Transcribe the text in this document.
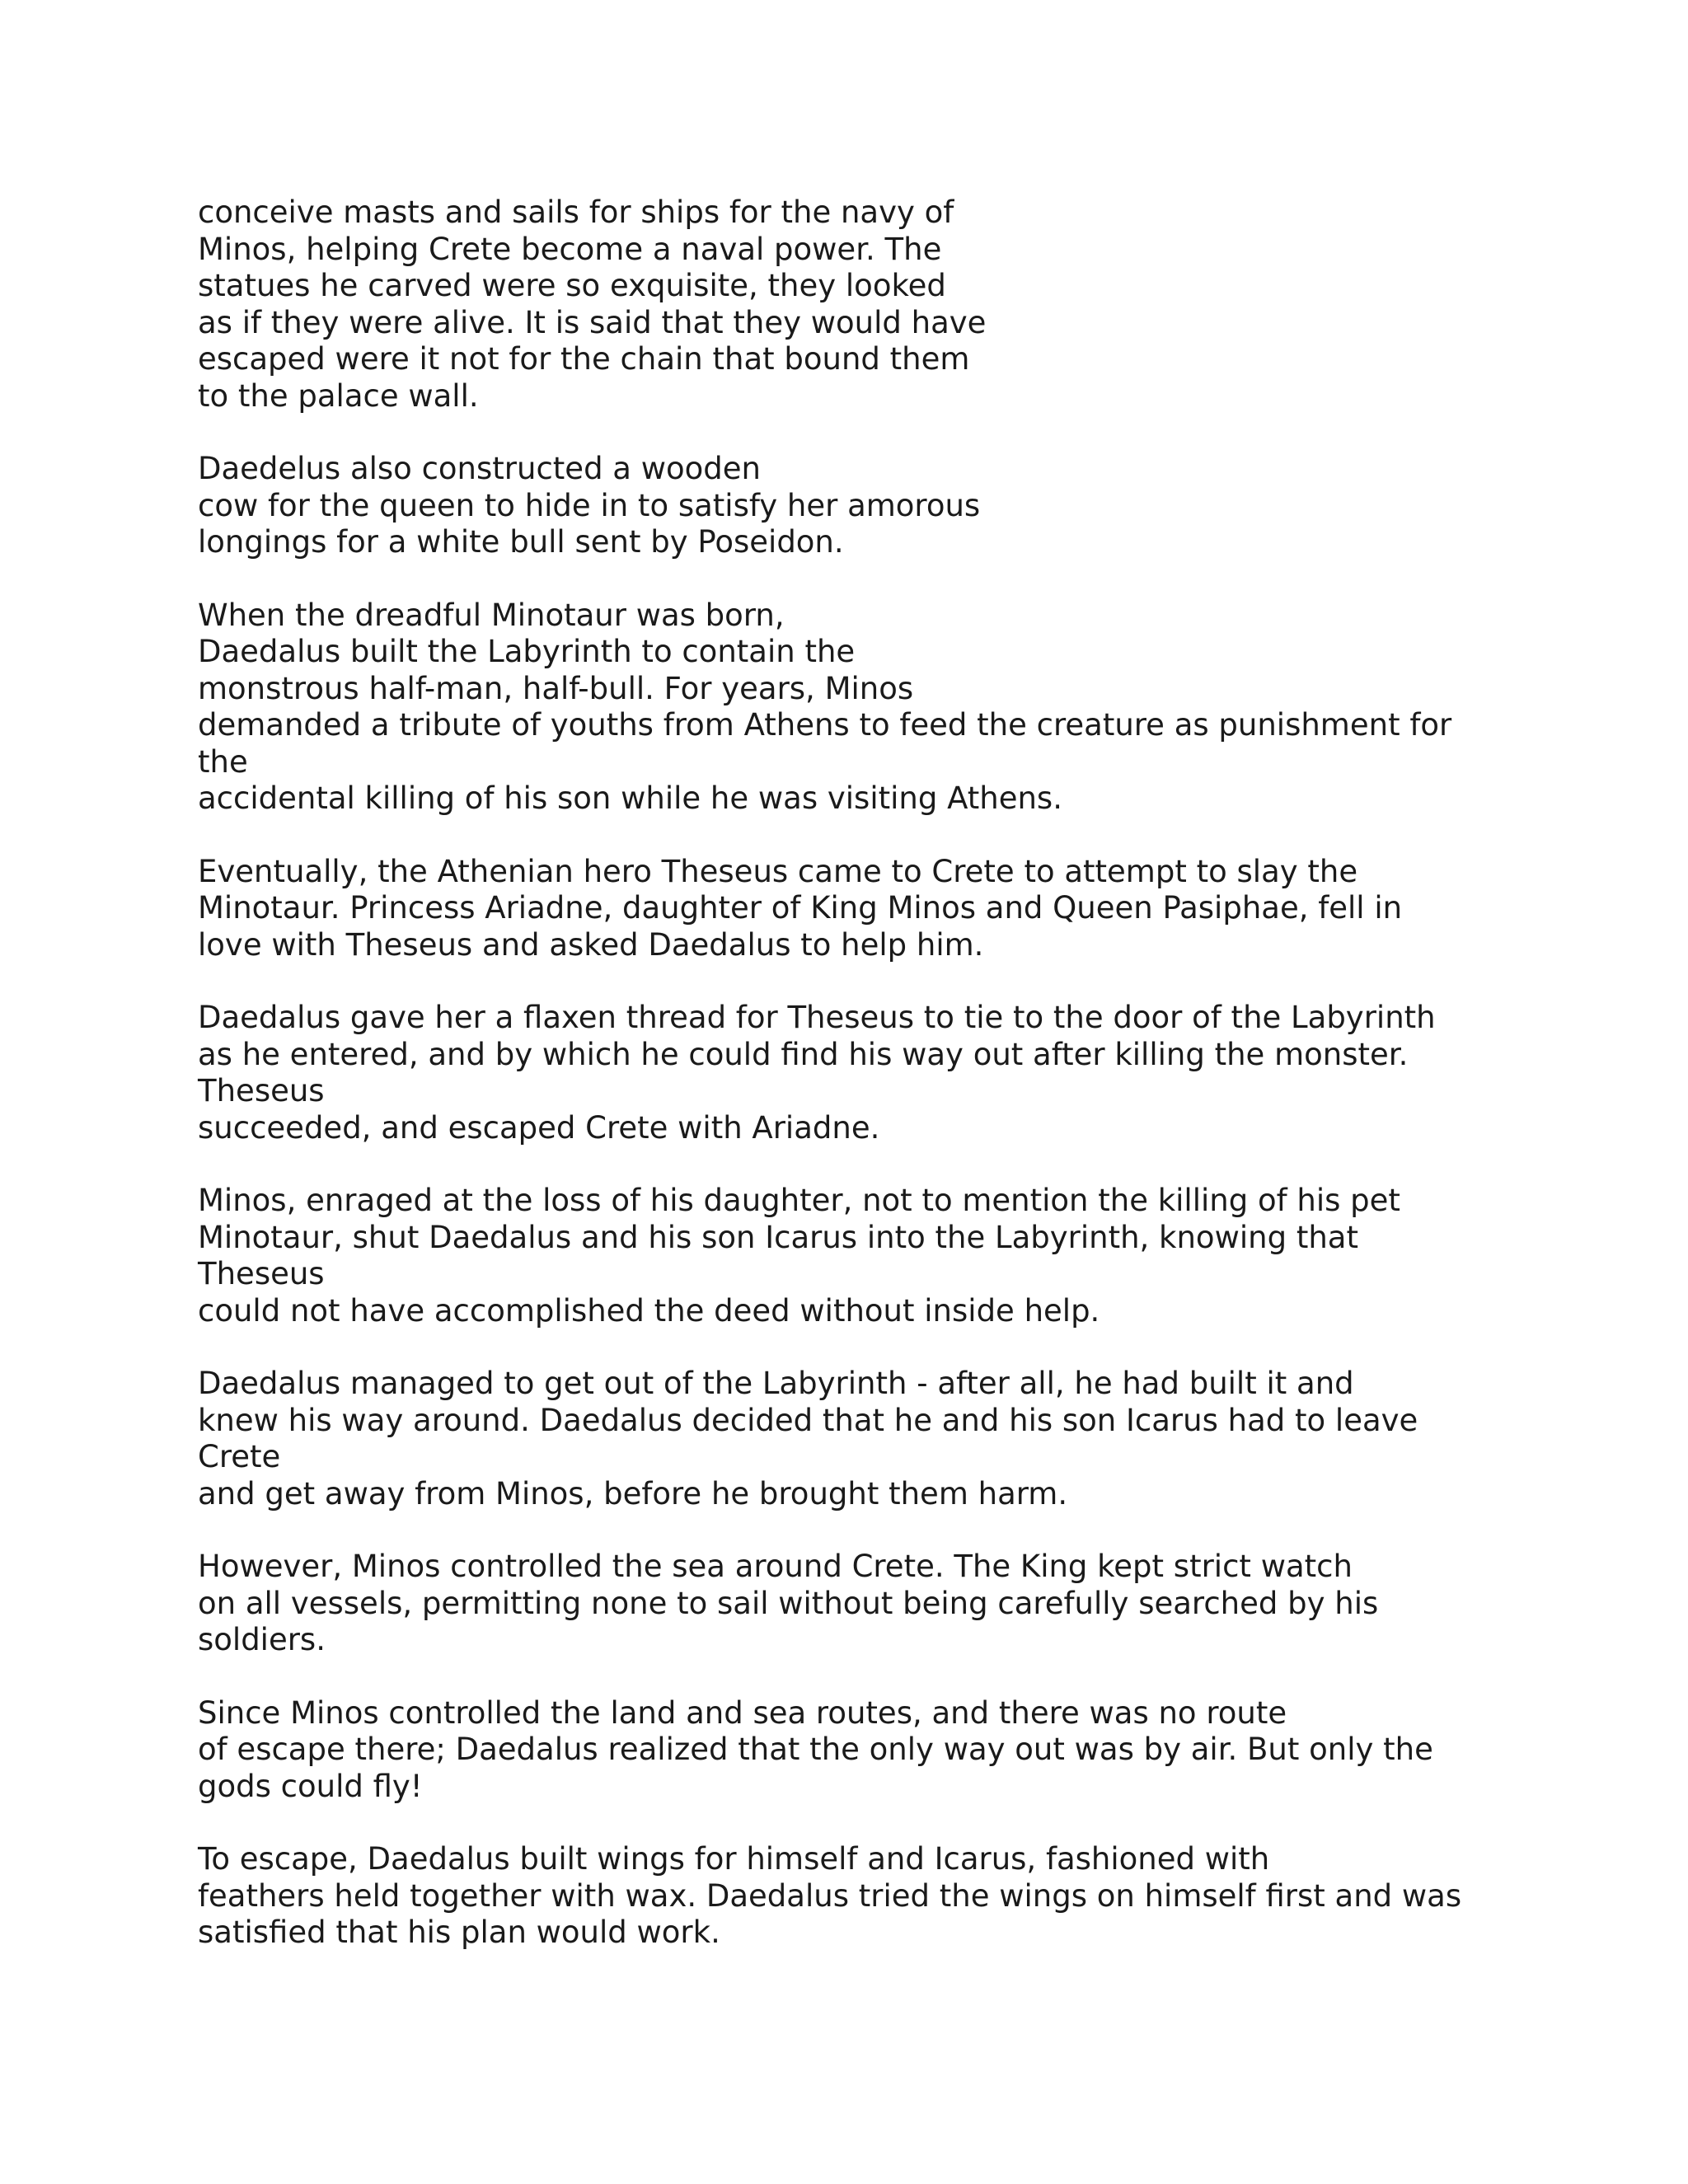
conceive masts and sails for ships for the navy of
Minos, helping Crete become a naval power. The
statues he carved were so exquisite, they looked
as if they were alive. It is said that they would have
escaped were it not for the chain that bound them
to the palace wall.
Daedelus also constructed a wooden
cow for the queen to hide in to satisfy her amorous
longings for a white bull sent by Poseidon.
When the dreadful Minotaur was born,
Daedalus built the Labyrinth to contain the
monstrous half-man, half-bull. For years, Minos
demanded a tribute of youths from Athens to feed the creature as punishment for
the
accidental killing of his son while he was visiting Athens.
Eventually, the Athenian hero Theseus came to Crete to attempt to slay the
Minotaur. Princess Ariadne, daughter of King Minos and Queen Pasiphae, fell in
love with Theseus and asked Daedalus to help him.
Daedalus gave her a flaxen thread for Theseus to tie to the door of the Labyrinth
as he entered, and by which he could find his way out after killing the monster.
Theseus
succeeded, and escaped Crete with Ariadne.
Minos, enraged at the loss of his daughter, not to mention the killing of his pet
Minotaur, shut Daedalus and his son Icarus into the Labyrinth, knowing that
Theseus
could not have accomplished the deed without inside help.
Daedalus managed to get out of the Labyrinth - after all, he had built it and
knew his way around. Daedalus decided that he and his son Icarus had to leave
Crete
and get away from Minos, before he brought them harm.
However, Minos controlled the sea around Crete. The King kept strict watch
on all vessels, permitting none to sail without being carefully searched by his
soldiers.
Since Minos controlled the land and sea routes, and there was no route
of escape there; Daedalus realized that the only way out was by air. But only the
gods could fly!
To escape, Daedalus built wings for himself and Icarus, fashioned with
feathers held together with wax. Daedalus tried the wings on himself first and was
satisfied that his plan would work.
